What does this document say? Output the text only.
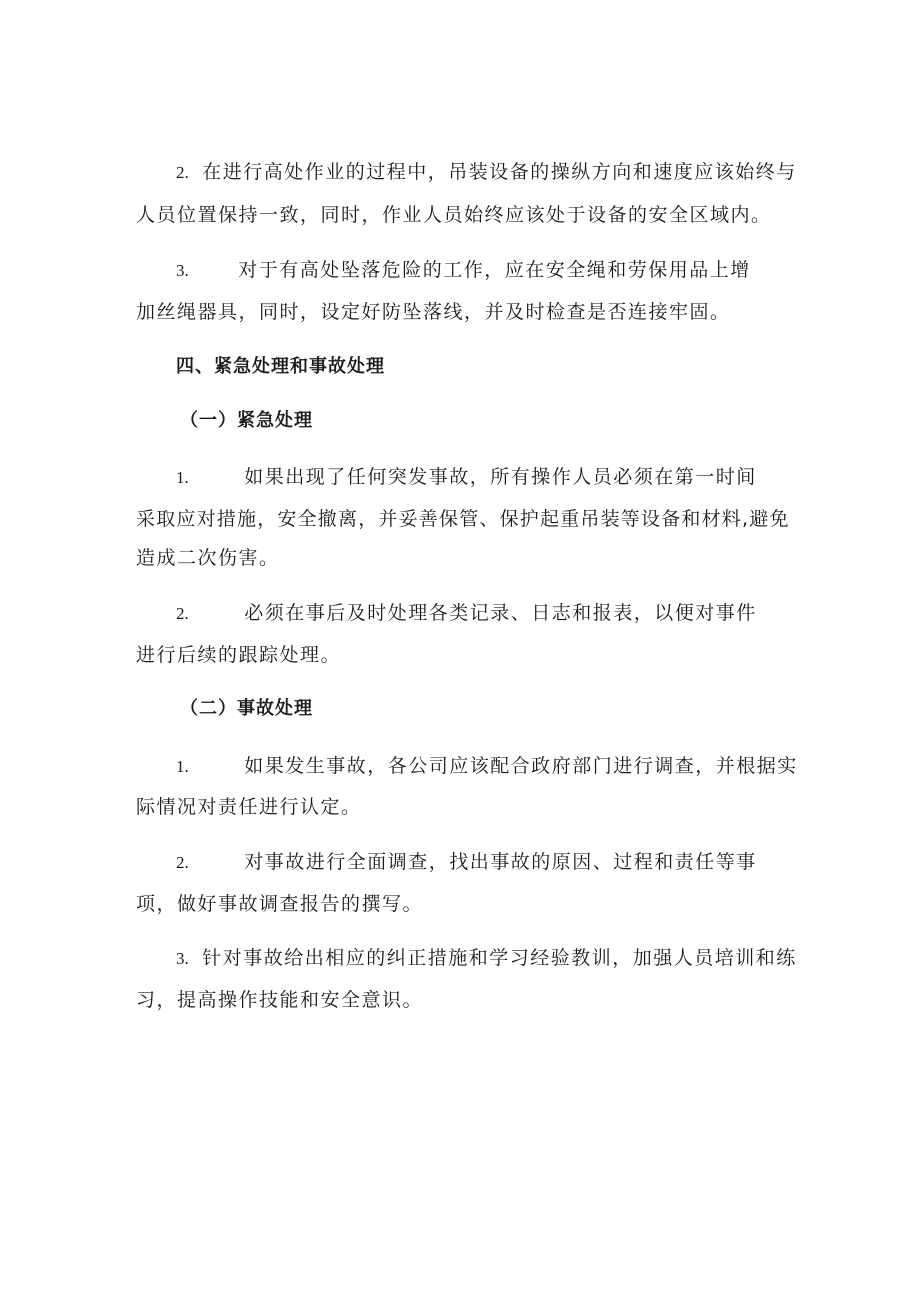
2. 在进行高处作业的过程中，吊装设备的操纵方向和速度应该始终与
人员位置保持一致，同时，作业人员始终应该处于设备的安全区域内。
3.	对于有高处坠落危险的工作，应在安全绳和劳保用品上增
加丝绳器具，同时，设定好防坠落线，并及时检查是否连接牢固。
四、紧急处理和事故处理
（一）紧急处理
1.	如果出现了任何突发事故，所有操作人员必须在第一时间
采取应对措施，安全撤离，并妥善保管、保护起重吊装等设备和材料,避免
造成二次伤害。
2.	必须在事后及时处理各类记录、日志和报表，以便对事件
进行后续的跟踪处理。
（二）事故处理
1.	如果发生事故，各公司应该配合政府部门进行调查，并根据实
际情况对责任进行认定。
2.	对事故进行全面调查，找出事故的原因、过程和责任等事
项，做好事故调查报告的撰写。
3. 针对事故给出相应的纠正措施和学习经验教训，加强人员培训和练
习，提高操作技能和安全意识。
